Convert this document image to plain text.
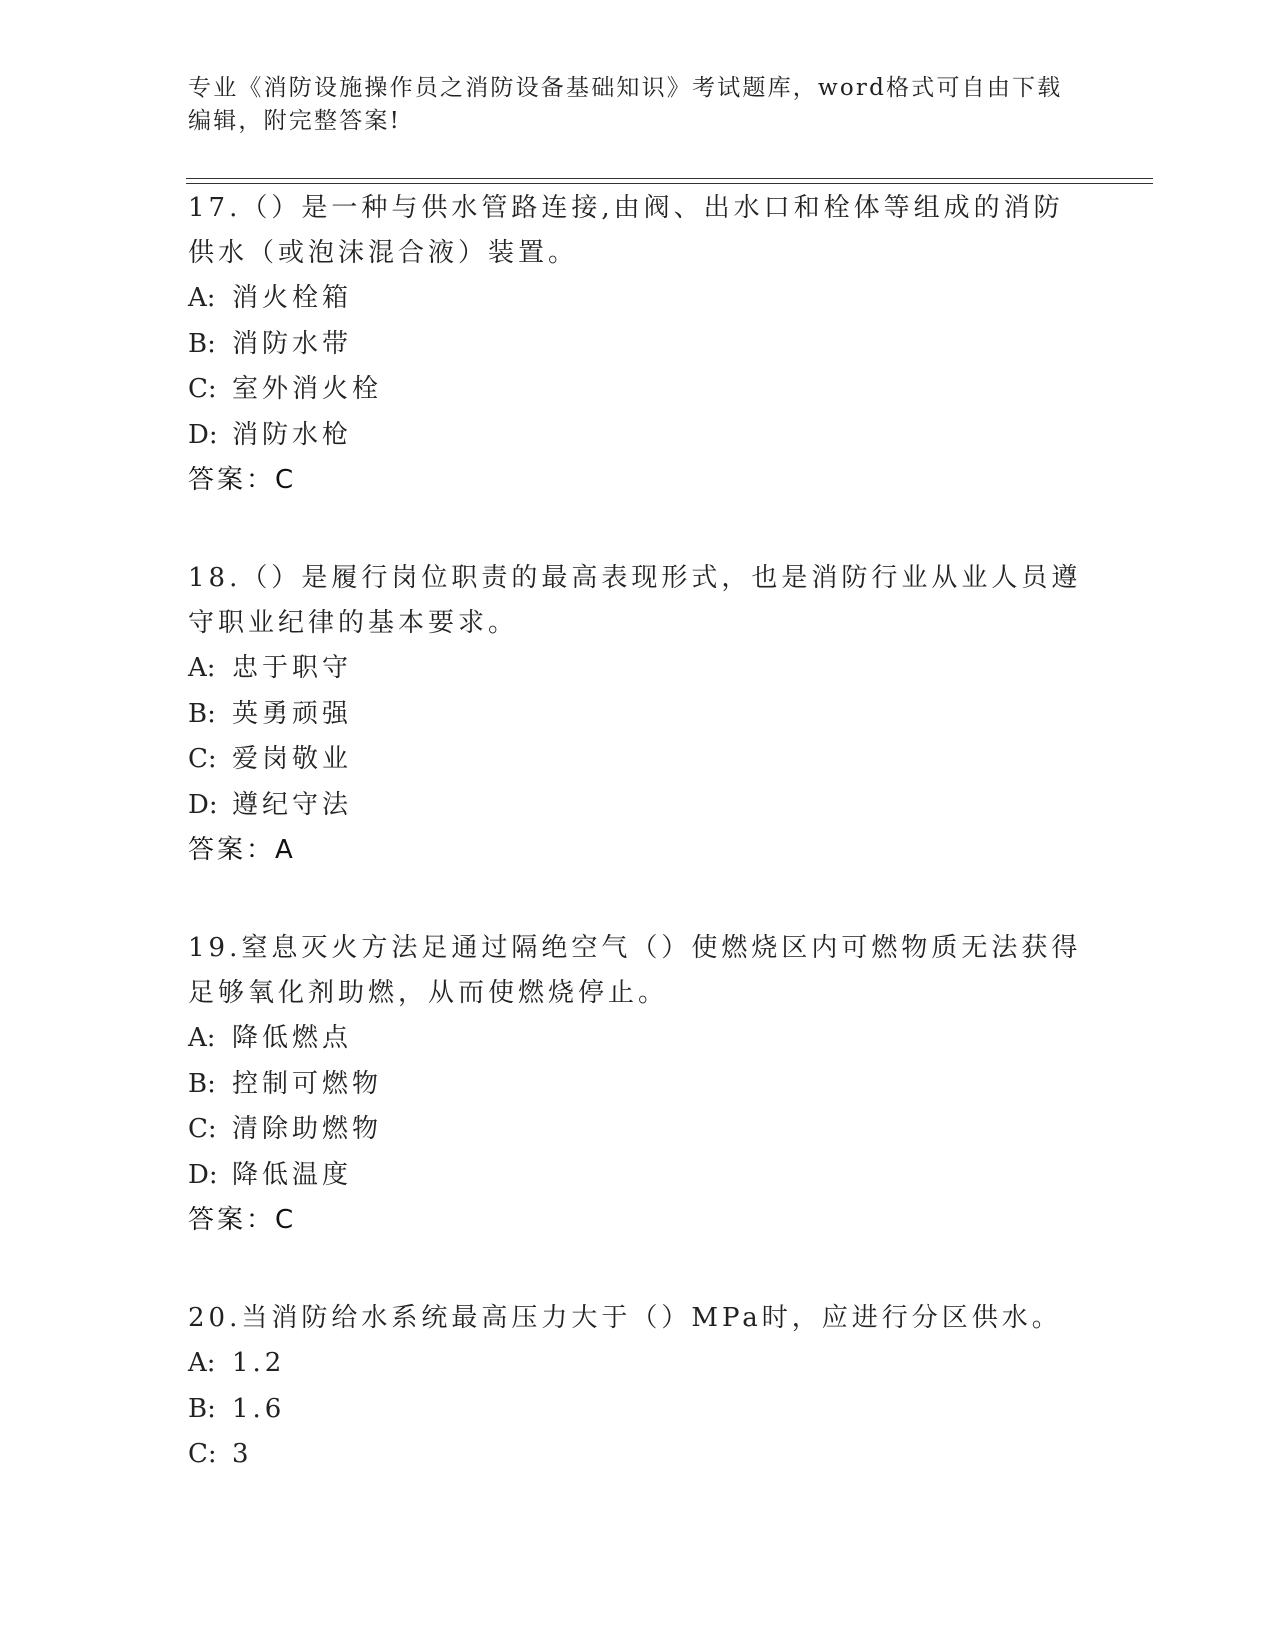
专业《消防设施操作员之消防设备基础知识》考试题库，word格式可自由下载编辑，附完整答案!
17.（）是一种与供水管路连接,由阀、出水口和栓体等组成的消防供水（或泡沫混合液）装置。
A: 消火栓箱
B: 消防水带
C: 室外消火栓
D: 消防水枪
答案：C
18.（）是履行岗位职责的最高表现形式，也是消防行业从业人员遵守职业纪律的基本要求。
A: 忠于职守
B: 英勇顽强
C: 爱岗敬业
D: 遵纪守法
答案：A
19.窒息灭火方法足通过隔绝空气（）使燃烧区内可燃物质无法获得足够氧化剂助燃，从而使燃烧停止。
A: 降低燃点
B: 控制可燃物
C: 清除助燃物
D: 降低温度
答案：C
20.当消防给水系统最高压力大于（）MPa时，应进行分区供水。
A: 1.2
B: 1.6
C: 3
